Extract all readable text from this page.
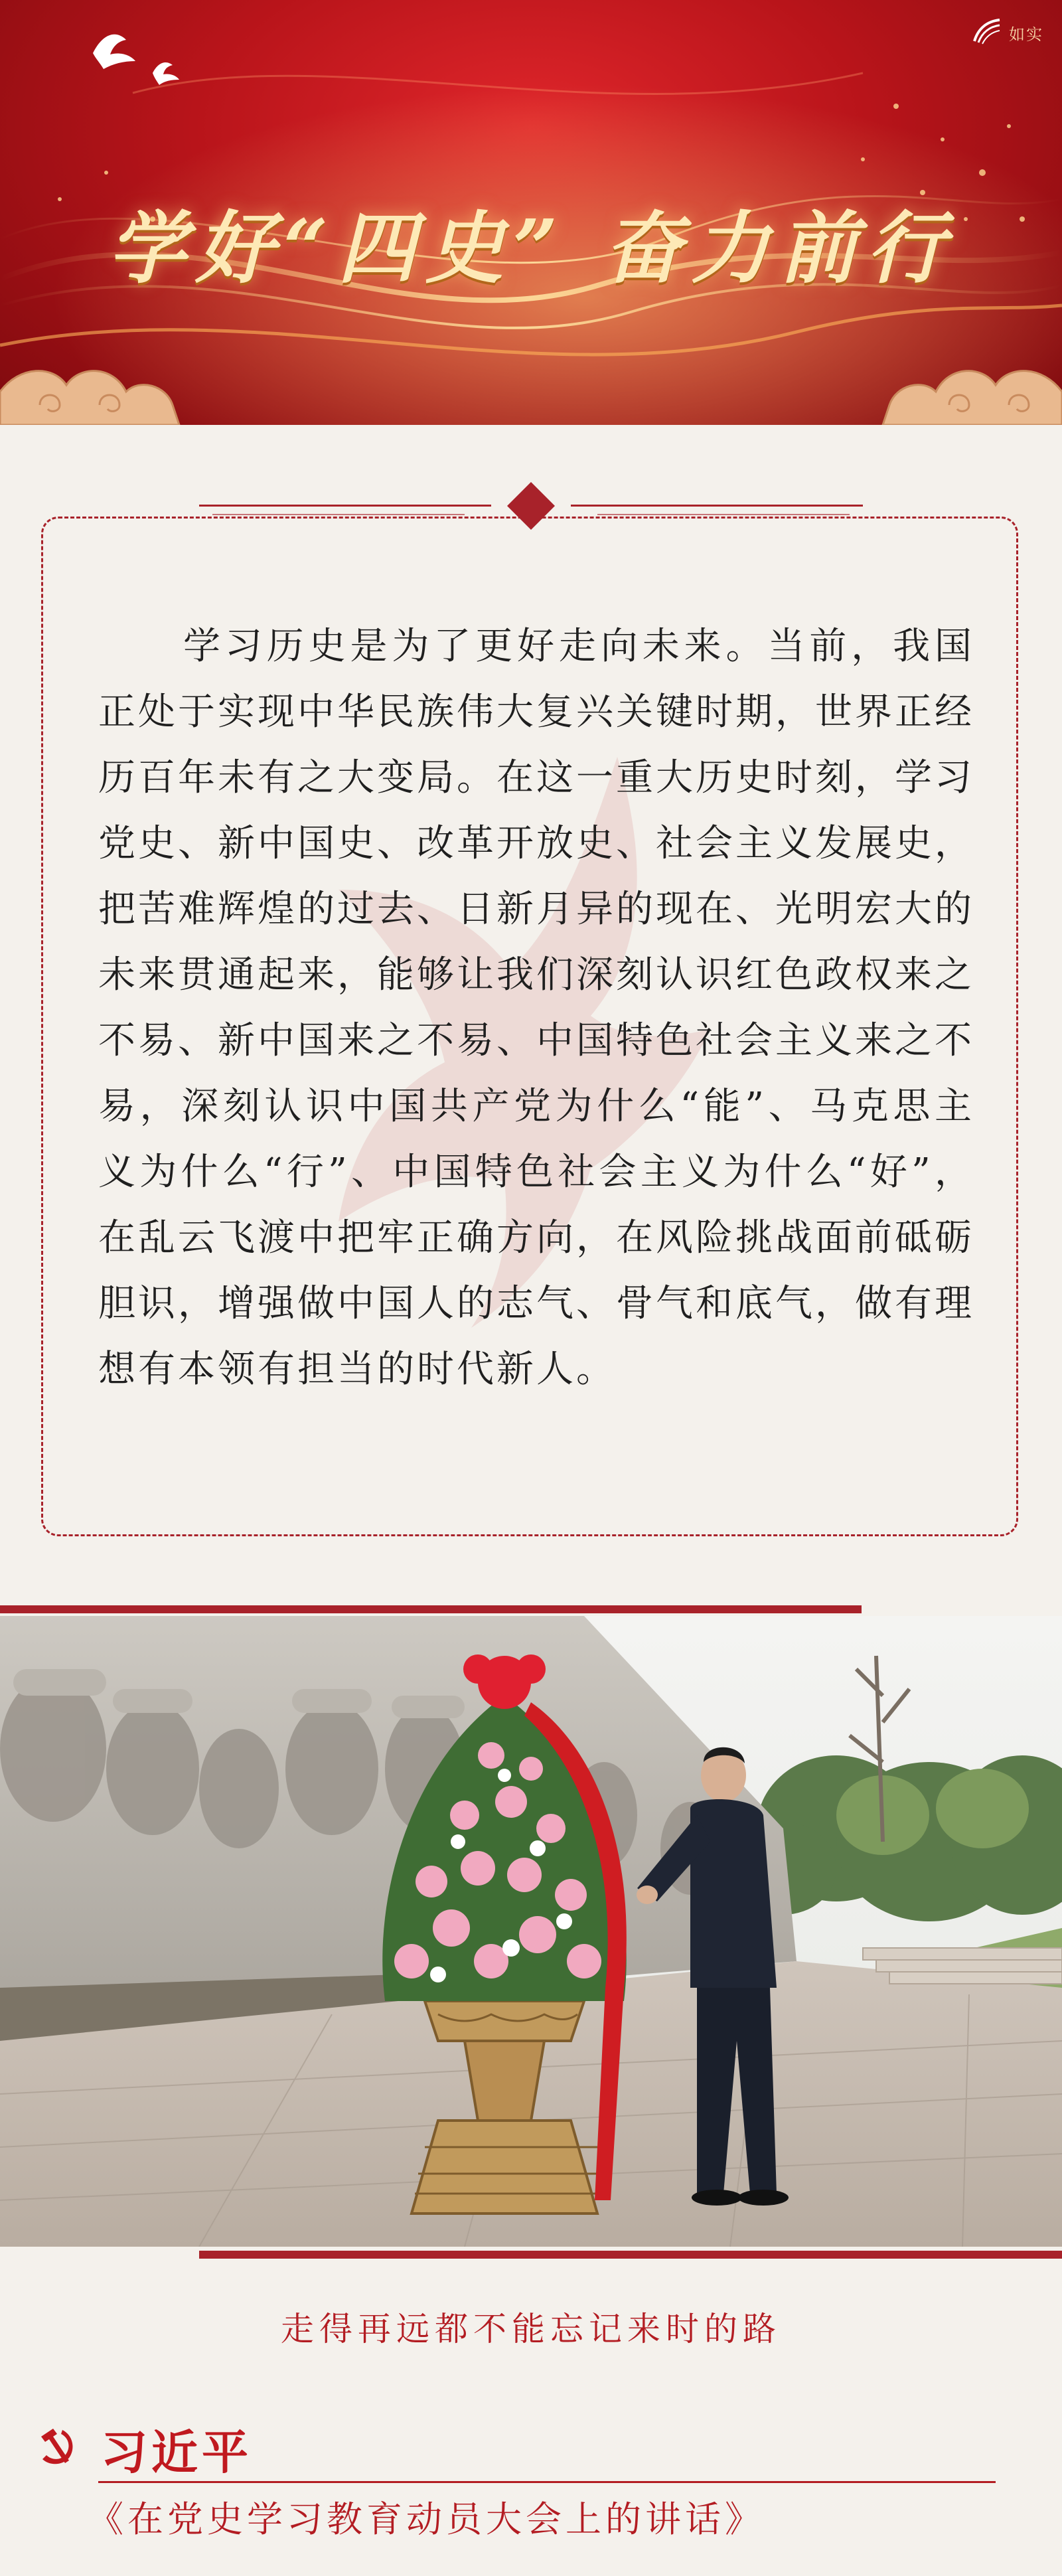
如实
学好“四史” 奋力前行

学习历史是为了更好走向未来。当前，我国正处于实现中华民族伟大复兴关键时期，世界正经历百年未有之大变局。在这一重大历史时刻，学习党史、新中国史、改革开放史、社会主义发展史，把苦难辉煌的过去、日新月异的现在、光明宏大的未来贯通起来，能够让我们深刻认识红色政权来之不易、新中国来之不易、中国特色社会主义来之不易，深刻认识中国共产党为什么“能”、马克思主义为什么“行”、中国特色社会主义为什么“好”，在乱云飞渡中把牢正确方向，在风险挑战面前砥砺胆识，增强做中国人的志气、骨气和底气，做有理想有本领有担当的时代新人。

走得再远都不能忘记来时的路

习近平
《在党史学习教育动员大会上的讲话》
